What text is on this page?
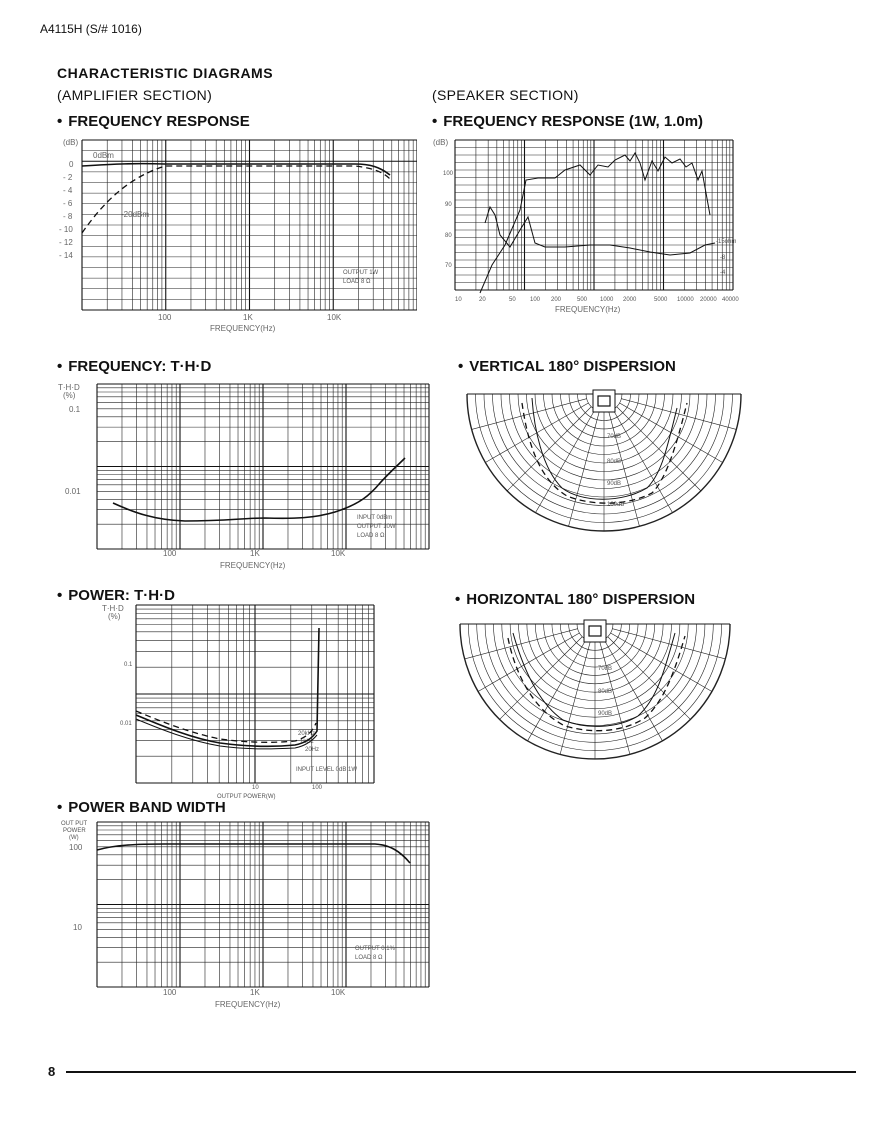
A4115H (S/# 1016)
CHARACTERISTIC DIAGRAMS
(AMPLIFIER SECTION)	(SPEAKER SECTION)
• FREQUENCY RESPONSE	• FREQUENCY RESPONSE (1W, 1.0m)
• FREQUENCY: T·H·D	• VERTICAL 180° DISPERSION
• POWER: T·H·D	• HORIZONTAL 180° DISPERSION
• POWER BAND WIDTH
(dB)
0
- 2
- 4
- 6
- 8
- 10
- 12
- 14
100	1K	10K
FREQUENCY(Hz)
0dBm
-20dBm
OUTPUT 1W
LOAD 8 Ω
(dB)
100
90
80
70
10	20	50 100 200	500 1000 2000	5000 10000 20000 40000
FREQUENCY(Hz)
-15ohm
-8
-4
T·H·D
(%)
0.1
0.01
100	1K	10K
FREQUENCY(Hz)
INPUT 0dBm
OUTPUT 10W
LOAD 8 Ω
T·H·D
(%)
0.1
0.01
10	100
OUTPUT POWER(W)
20kHz
1kHz
20Hz
INPUT LEVEL 0dB 1W
OUT PUT
POWER
(W)
100
10
100	1K	10K
FREQUENCY(Hz)
OUTPUT 0.1%
LOAD 8 Ω
70dB
80dB
90dB
100dB
70dB
80dB
90dB
8
